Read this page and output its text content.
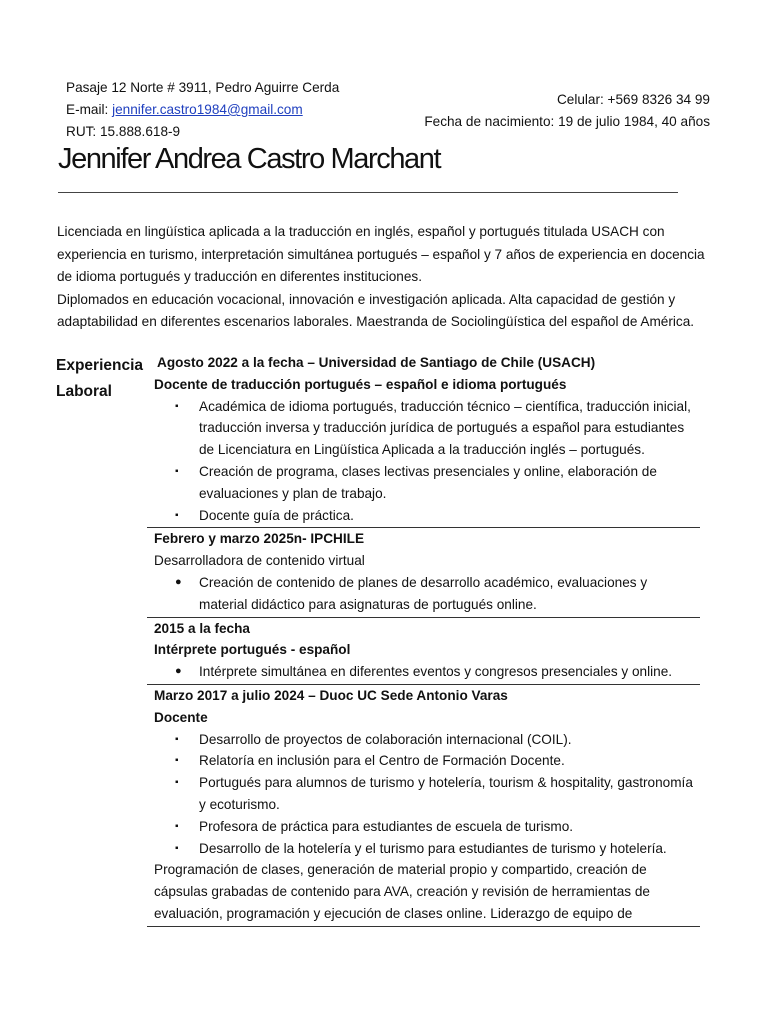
Pasaje 12 Norte # 3911, Pedro Aguirre Cerda
E-mail: jennifer.castro1984@gmail.com
RUT: 15.888.618-9
Celular: +569 8326 34 99
Fecha de nacimiento: 19 de julio 1984, 40 años
Jennifer Andrea Castro Marchant

Licenciada en lingüística aplicada a la traducción en inglés, español y portugués titulada USACH con experiencia en turismo, interpretación simultánea portugués – español y 7 años de experiencia en docencia de idioma portugués y traducción en diferentes instituciones.

Diplomados en educación vocacional, innovación e investigación aplicada. Alta capacidad de gestión y adaptabilidad en diferentes escenarios laborales. Maestranda de Sociolingüística del español de América.

Experiencia
Laboral

Agosto 2022 a la fecha – Universidad de Santiago de Chile (USACH)

Docente de traducción portugués – español e idioma portugués

▪ Académica de idioma portugués, traducción técnico – científica, traducción inicial, traducción inversa y traducción jurídica de portugués a español para estudiantes de Licenciatura en Lingüística Aplicada a la traducción inglés – portugués.
▪ Creación de programa, clases lectivas presenciales y online, elaboración de evaluaciones y plan de trabajo.
▪ Docente guía de práctica.

Febrero y marzo 2025n- IPCHILE

Desarrolladora de contenido virtual

● Creación de contenido de planes de desarrollo académico, evaluaciones y material didáctico para asignaturas de portugués online.

2015 a la fecha

Intérprete portugués - español

● Intérprete simultánea en diferentes eventos y congresos presenciales y online.

Marzo 2017 a julio 2024 – Duoc UC Sede Antonio Varas

Docente

▪ Desarrollo de proyectos de colaboración internacional (COIL).
▪ Relatoría en inclusión para el Centro de Formación Docente.
▪ Portugués para alumnos de turismo y hotelería, tourism & hospitality, gastronomía y ecoturismo.
▪ Profesora de práctica para estudiantes de escuela de turismo.
▪ Desarrollo de la hotelería y el turismo para estudiantes de turismo y hotelería.

Programación de clases, generación de material propio y compartido, creación de cápsulas grabadas de contenido para AVA, creación y revisión de herramientas de evaluación, programación y ejecución de clases online. Liderazgo de equipo de
